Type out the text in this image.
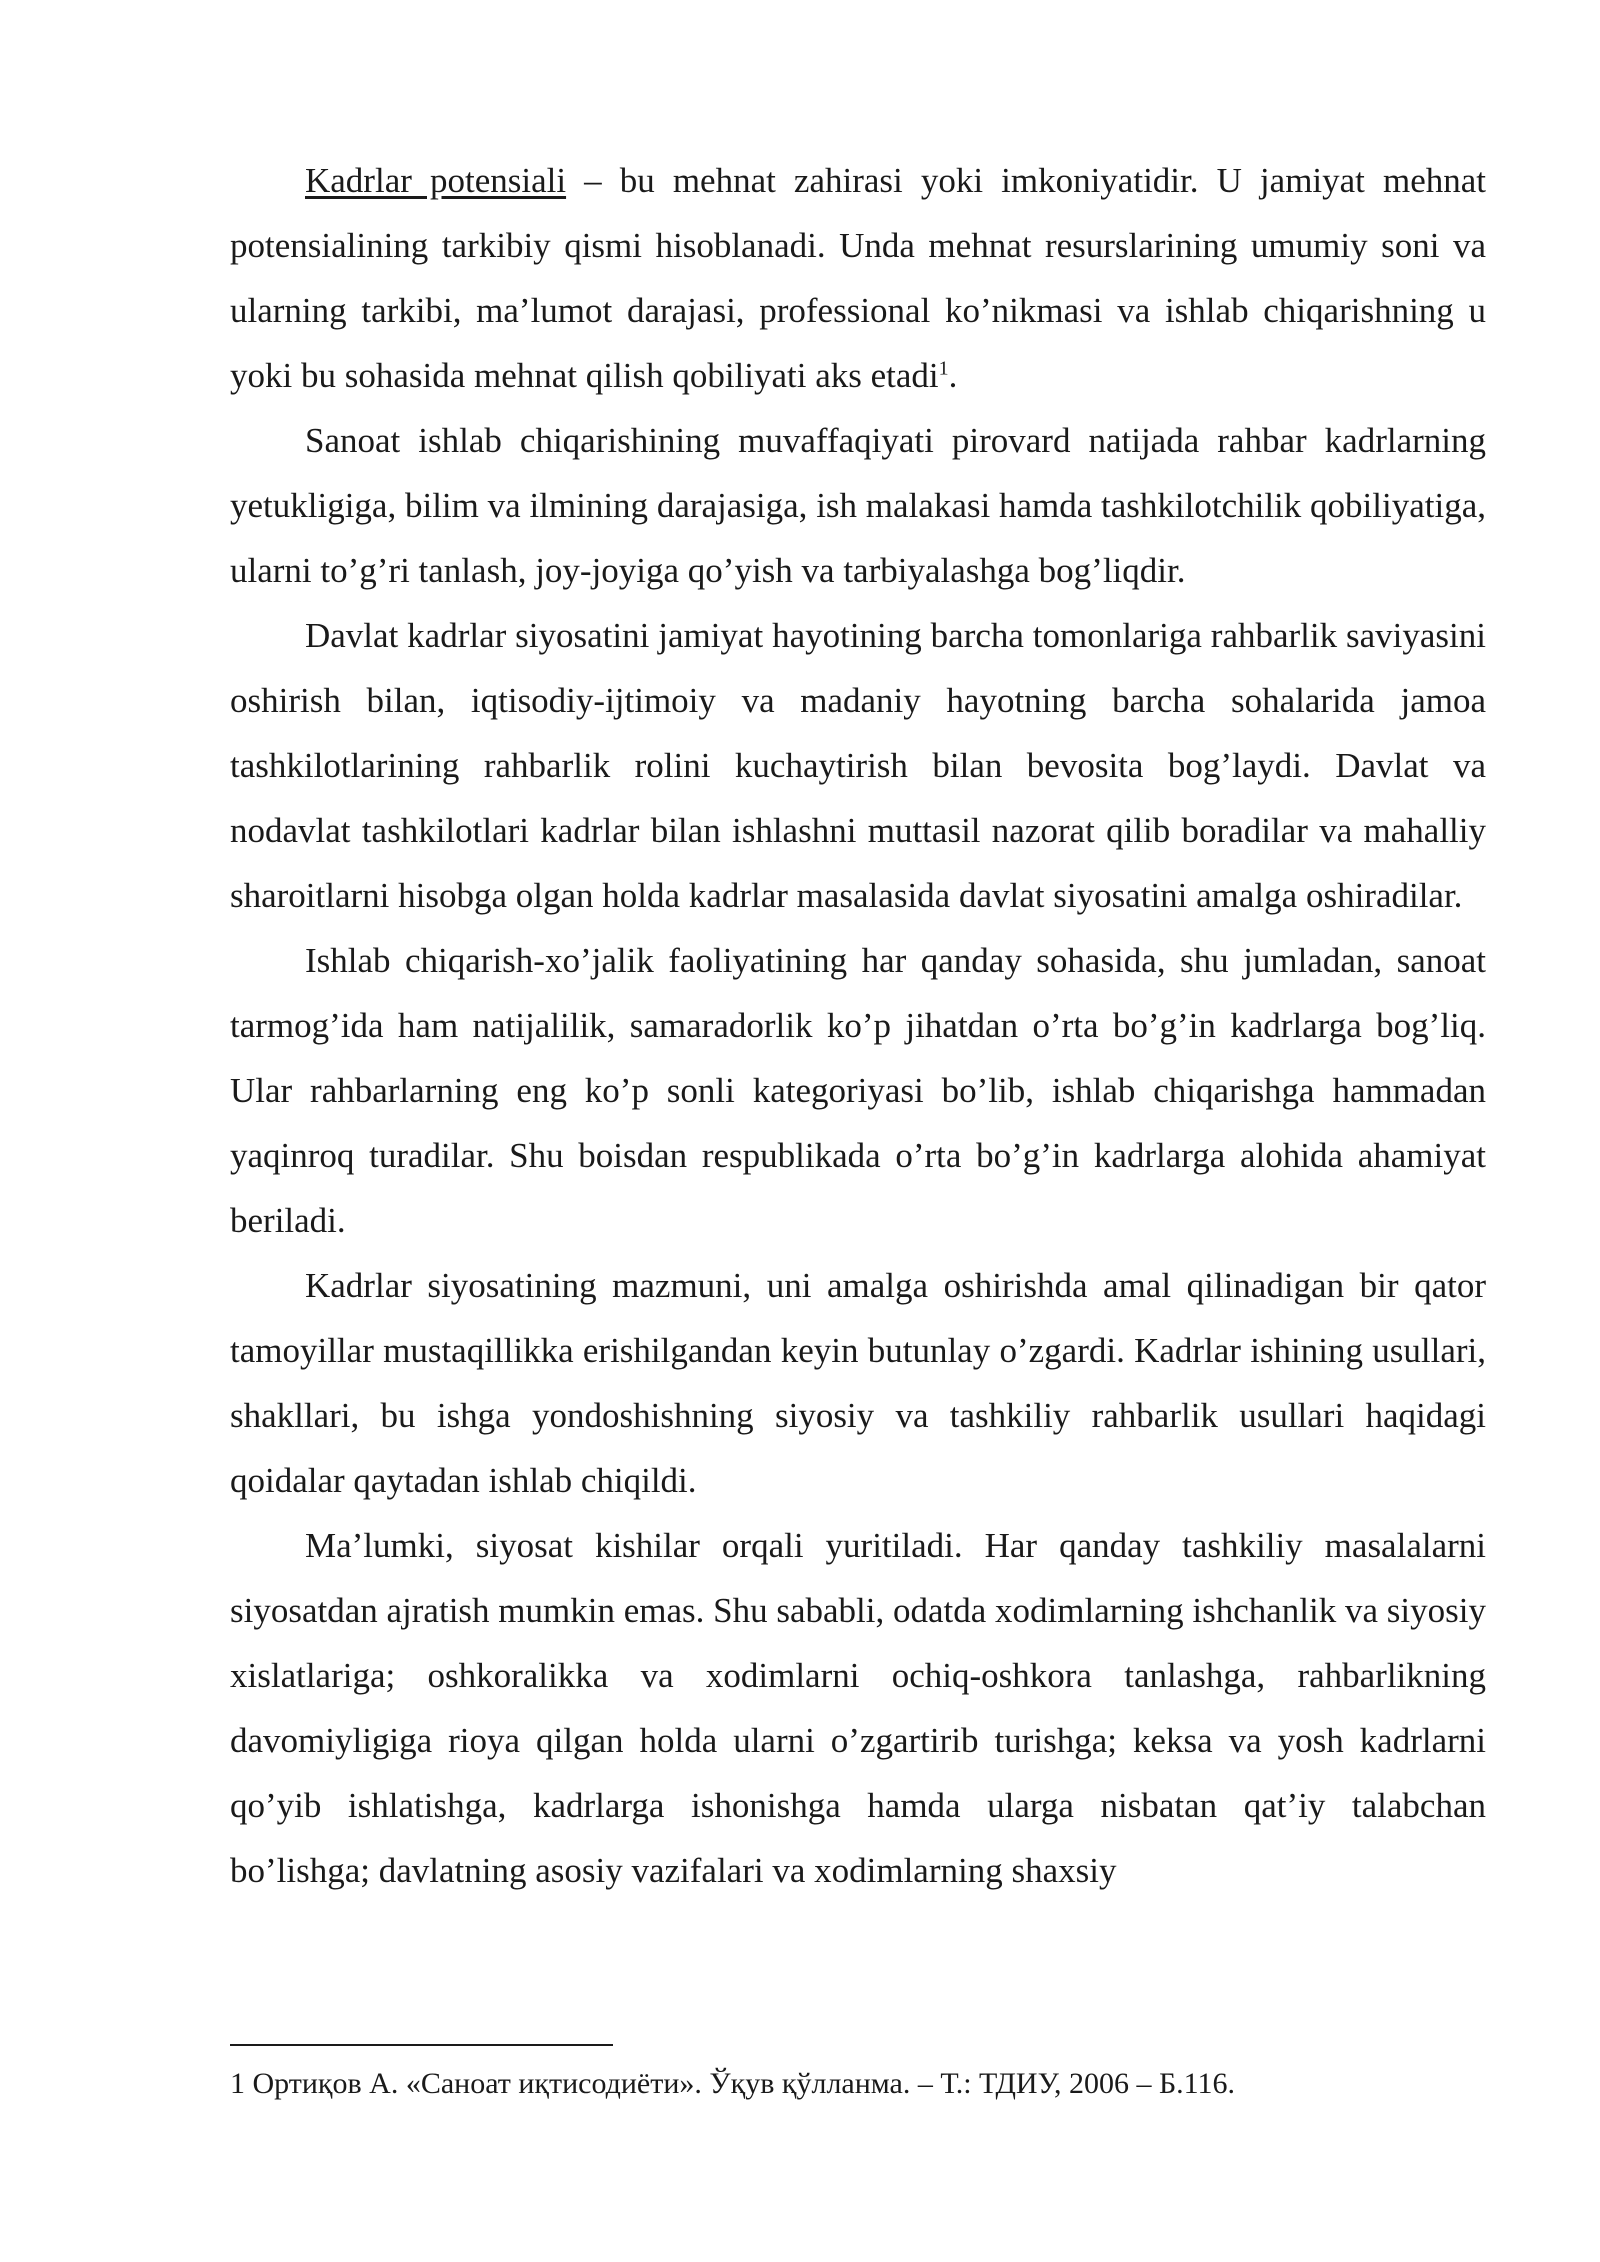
Kadrlar potensiali – bu mehnat zahirasi yoki imkoniyatidir. U jamiyat mehnat potensialining tarkibiy qismi hisoblanadi. Unda mehnat resurslarining umumiy soni va ularning tarkibi, ma’lumot darajasi, professional ko’nikmasi va ishlab chiqarishning u yoki bu sohasida mehnat qilish qobiliyati aks etadi$^1$.

Sanoat ishlab chiqarishining muvaffaqiyati pirovard natijada rahbar kadrlarning yetukligiga, bilim va ilmining darajasiga, ish malakasi hamda tashkilotchilik qobiliyatiga, ularni to’g’ri tanlash, joy-joyiga qo’yish va tarbiyalashga bog’liqdir.

Davlat kadrlar siyosatini jamiyat hayotining barcha tomonlariga rahbarlik saviyasini oshirish bilan, iqtisodiy-ijtimoiy va madaniy hayotning barcha sohalarida jamoa tashkilotlarining rahbarlik rolini kuchaytirish bilan bevosita bog’laydi. Davlat va nodavlat tashkilotlari kadrlar bilan ishlashni muttasil nazorat qilib boradilar va mahalliy sharoitlarni hisobga olgan holda kadrlar masalasida davlat siyosatini amalga oshiradilar.

Ishlab chiqarish-xo’jalik faoliyatining har qanday sohasida, shu jumladan, sanoat tarmog’ida ham natijalilik, samaradorlik ko’p jihatdan o’rta bo’g’in kadrlarga bog’liq. Ular rahbarlarning eng ko’p sonli kategoriyasi bo’lib, ishlab chiqarishga hammadan yaqinroq turadilar. Shu boisdan respublikada o’rta bo’g’in kadrlarga alohida ahamiyat beriladi.

Kadrlar siyosatining mazmuni, uni amalga oshirishda amal qilinadigan bir qator tamoyillar mustaqillikka erishilgandan keyin butunlay o’zgardi. Kadrlar ishining usullari, shakllari, bu ishga yondoshishning siyosiy va tashkiliy rahbarlik usullari haqidagi qoidalar qaytadan ishlab chiqildi.

Ma’lumki, siyosat kishilar orqali yuritiladi. Har qanday tashkiliy masalalarni siyosatdan ajratish mumkin emas. Shu sababli, odatda xodimlarning ishchanlik va siyosiy xislatlariga; oshkoralikka va xodimlarni ochiq-oshkora tanlashga, rahbarlikning davomiyligiga rioya qilgan holda ularni o’zgartirib turishga; keksa va yosh kadrlarni qo’yib ishlatishga, kadrlarga ishonishga hamda ularga nisbatan qat’iy talabchan bo’lishga; davlatning asosiy vazifalari va xodimlarning shaxsiy

1 Ортиқов А. «Саноат иқтисодиёти». Ўқув қўлланма. – Т.: ТДИУ, 2006 – Б.116.
